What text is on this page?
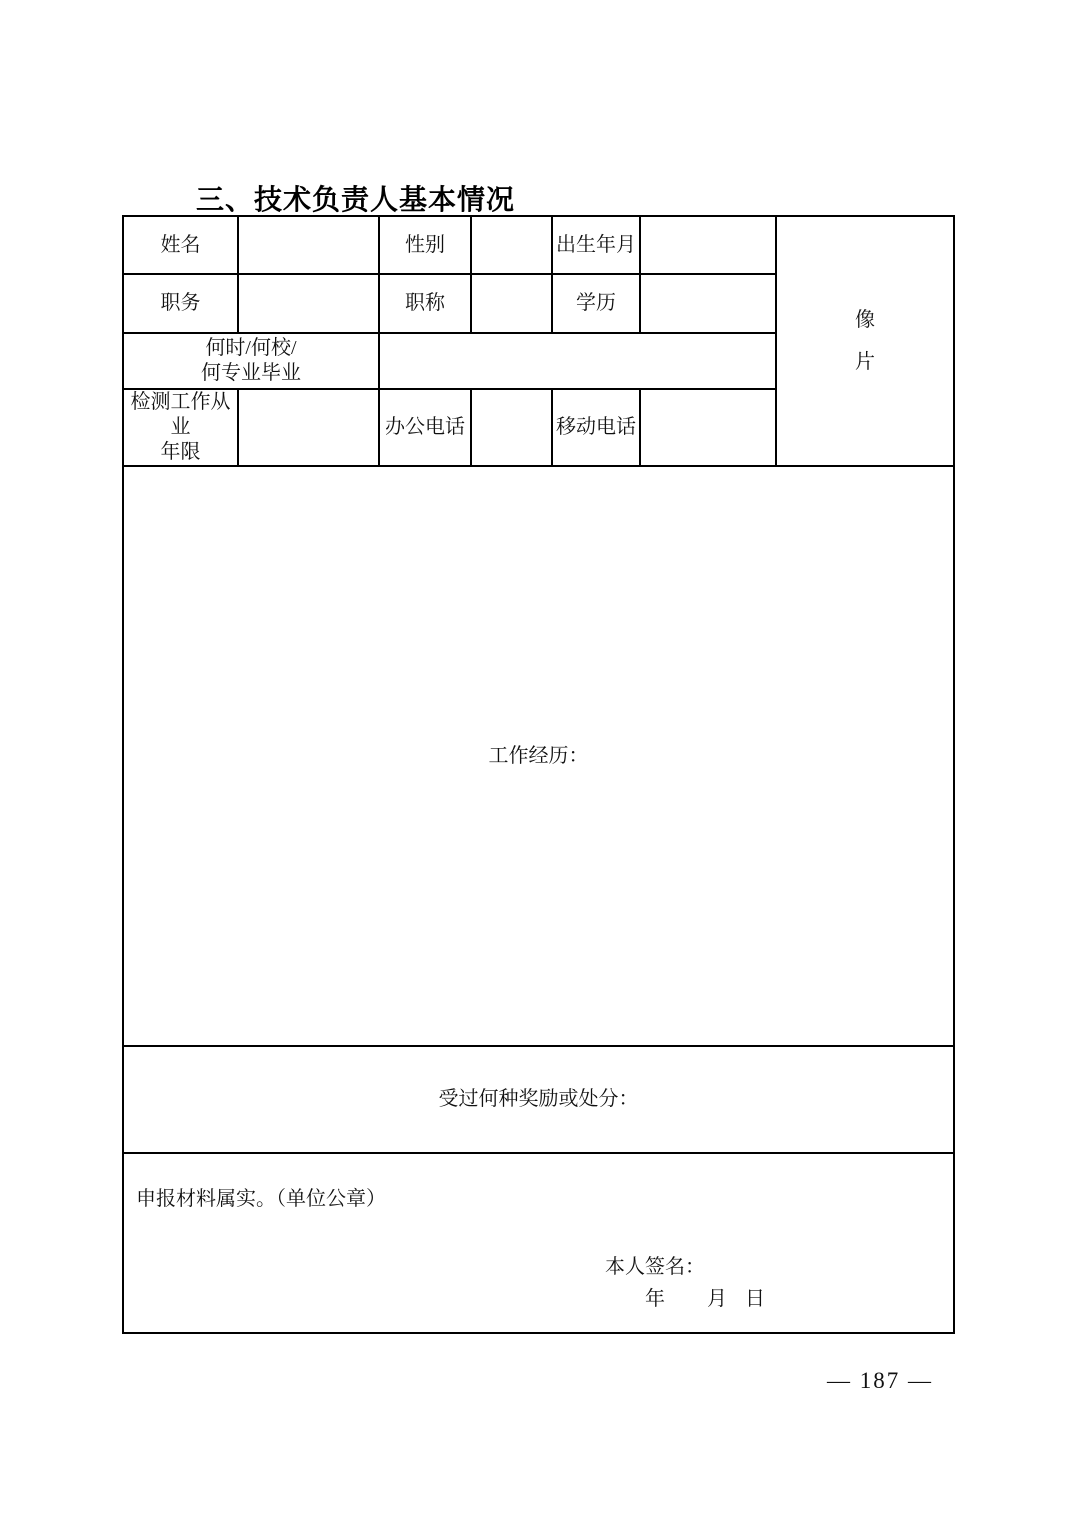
三、技术负责人基本情况
姓名		性别		出生年月		像
片

职务		职称		学历		

何时/何校/
何专业毕业						

检测工作从业
年限		办公电话		移动电话		
工作经历：						
受过何种奖励或处分：						

申报材料属实。（单位公章）
本人签名：
年 月 日						
— 187 —
